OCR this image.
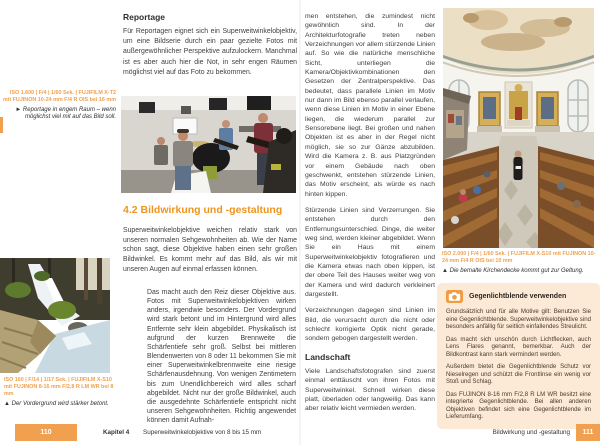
Reportage
Für Reportagen eignet sich ein Superweitwinkelobjektiv, um eine Bildserie durch ein paar gezielte Fotos mit außergewöhnlicher Perspektive aufzulockern. Manchmal ist es aber auch hier die Not, in sehr engen Räumen möglichst viel auf das Foto zu bekommen.
ISO 1.600 | F/4 | 1/60 Sek. | FUJIFILM X-T2 mit FUJINON 10-24 mm F/4 R OIS bei 16 mm
► Reportage in engem Raum – wenn möglichst viel mit auf das Bild soll.
4.2 Bildwirkung und -gestaltung
Superweitwinkelobjektive weichen relativ stark von unseren normalen Sehgewohnheiten ab. Wie der Name schon sagt, diese Objektive haben einen sehr großen Bildwinkel. Es kommt mehr auf das Bild, als wir mit unseren Augen auf einmal erfassen können.
Das macht auch den Reiz dieser Objektive aus. Fotos mit Superweitwinkelobjektiven wirken anders, irgendwie besonders. Der Vordergrund wird stark betont und im Hintergrund wird alles Entfernte sehr klein abgebildet. Physikalisch ist aufgrund der kurzen Brennweite die Schärfentiefe sehr groß. Selbst bei mittleren Blendenwerten von 8 oder 11 bekommen Sie mit einer Superweitwinkelbrennweite eine riesige Schärfenausdehnung. Von wenigen Zentimetern bis zum Unendlichbereich wird alles scharf abgebildet. Nicht nur der große Bildwinkel, auch die ausgedehnte Schärfentiefe entspricht nicht unseren Sehgewohnheiten. Richtig angewendet können damit Aufnah-
ISO 160 | F/14 | 1/17 Sek. | FUJIFILM X-S10 mit FUJINON 8-16 mm F/2,8 R LM WR bei 8 mm
▲ Der Vordergrund wird stärker betont.
110	Kapitel 4 Superweitwinkelobjektive von 8 bis 15 mm

men entstehen, die zumindest nicht gewöhnlich sind. In der Architekturfotografie treten neben Verzeichnungen vor allem stürzende Linien auf. So wie die natürliche menschliche Sicht, unterliegen die Kamera/Objektivkombinationen den Gesetzen der Zentralperspektive. Das bedeutet, dass parallele Linien im Motiv nur dann im Bild ebenso parallel verlaufen, wenn diese Linien im Motiv in einer Ebene liegen, die wiederum parallel zur Sensorebene liegt. Bei großen und nahen Objekten ist es aber in der Regel nicht möglich, sie so zur Gänze abzubilden. Wird die Kamera z. B. aus Platzgründen vor einem Gebäude nach oben geschwenkt, entstehen stürzende Linien, das Motiv erscheint, als würde es nach hinten kippen.

Stürzende Linien sind Verzerrungen. Sie entstehen durch den Entfernungsunterschied. Dinge, die weiter weg sind, werden kleiner abgebildet. Wenn Sie ein Haus mit einem Superweitwinkelobjektiv fotografieren und die Kamera etwas nach oben kippen, ist der obere Teil des Hauses weiter weg von der Kamera und wird dadurch verkleinert dargestellt.

Verzeichnungen dagegen sind Linien im Bild, die verursacht durch die nicht oder schlecht korrigierte Optik nicht gerade, sondern gebogen dargestellt werden.

Landschaft

Viele Landschaftsfotografen sind zuerst einmal enttäuscht von ihren Fotos mit Superweitwinkel. Schnell wirken diese platt, überladen oder langweilig. Das kann aber relativ leicht vermieden werden.

ISO 2.000 | F/4 | 1/60 Sek. | FUJIFILM X-S10 mit FUJINON 10-24 mm F/4 R OIS bei 10 mm
▲ Die bemalte Kirchendecke kommt gut zur Geltung.
Gegenlichtblende verwenden

Grundsätzlich und für alle Motive gilt: Benutzen Sie eine Gegenlichtblende. Superweitwinkelobjektive sind besonders anfällig für seitlich einfallendes Streulicht.

Das macht sich unschön durch Lichtflecken, auch Lens Flares genannt, bemerkbar. Auch der Bildkontrast kann stark vermindert werden.

Außerdem bietet die Gegenlichtblende Schutz vor Nieselregen und schützt die Frontlinse ein wenig vor Stoß und Schlag.

Das FUJINON 8-16 mm F/2,8 R LM WR besitzt eine integrierte Gegenlichtblende. Bei allen anderen Objektiven befindet sich eine Gegenlichtblende im Lieferumfang.

Bildwirkung und -gestaltung	111
